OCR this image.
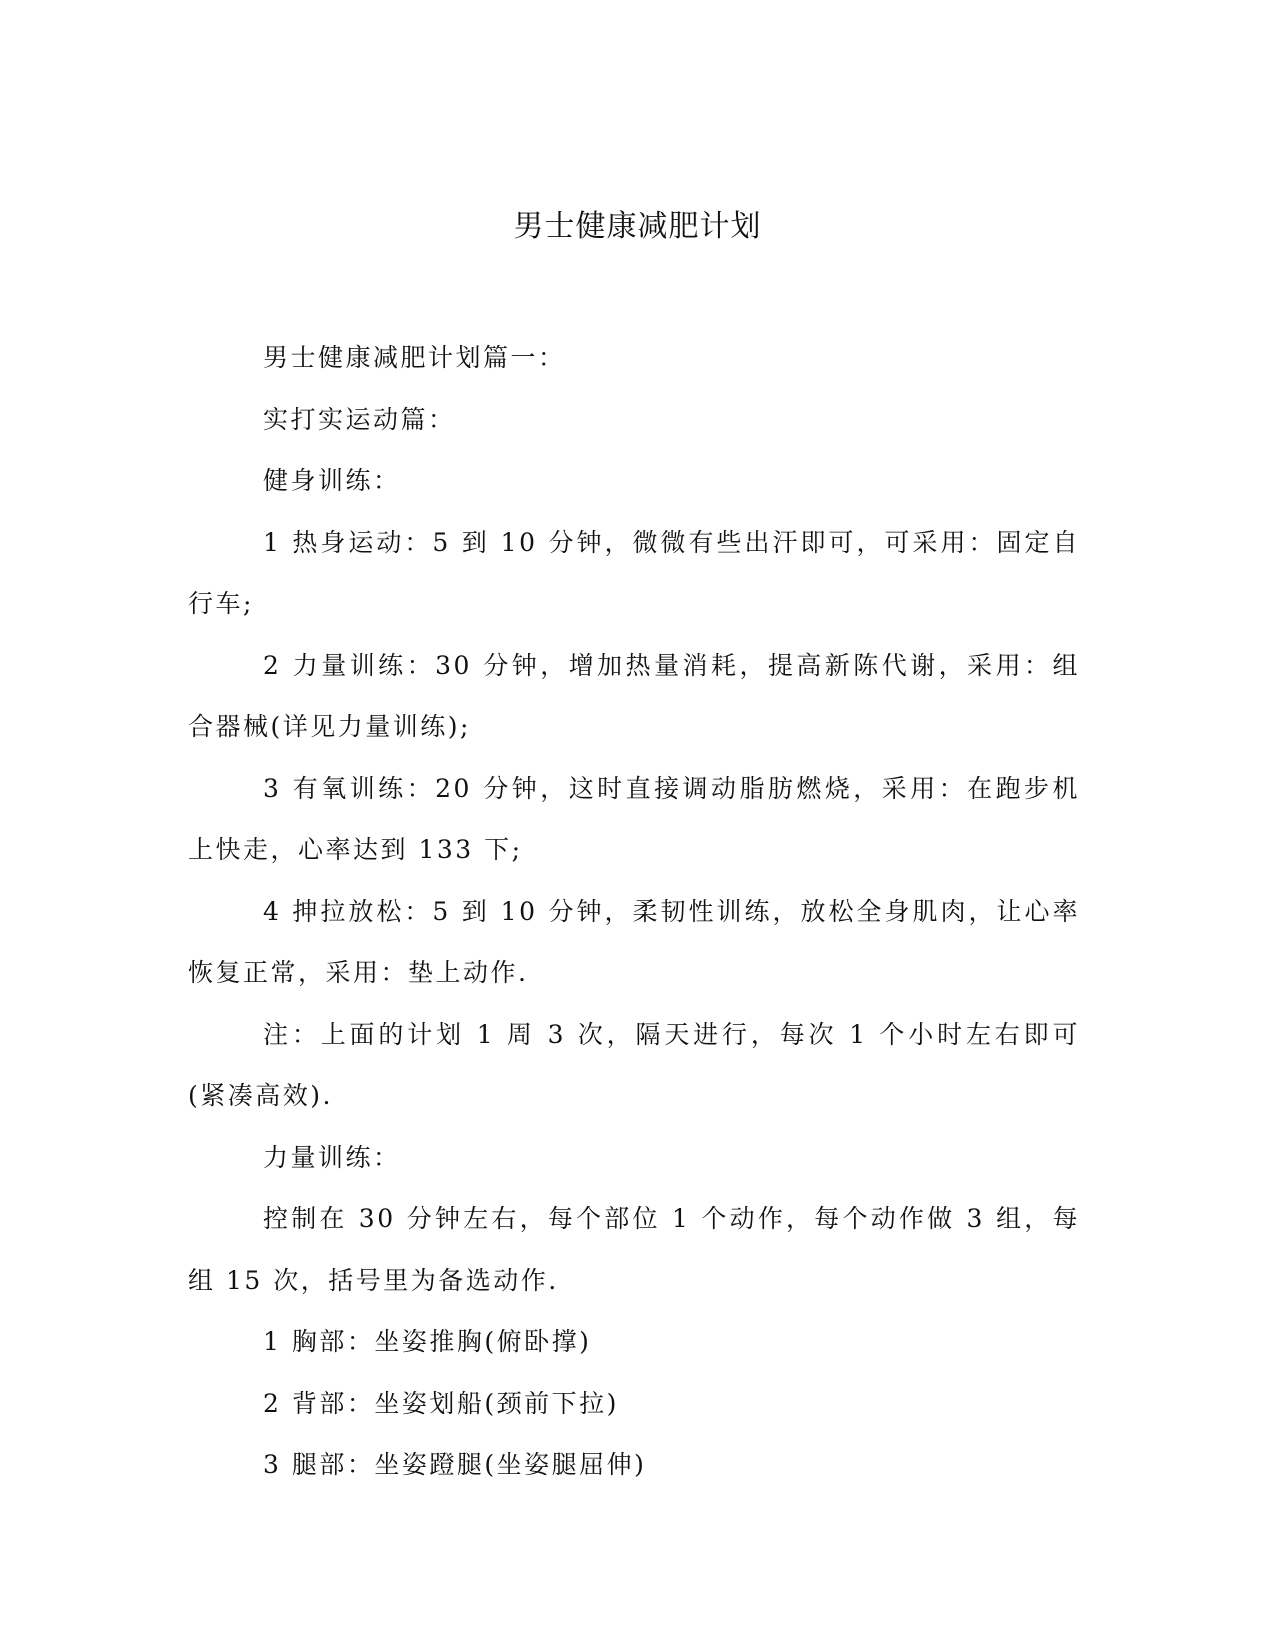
男士健康减肥计划

男士健康减肥计划篇一：

实打实运动篇：

健身训练：

1 热身运动：5 到 10 分钟，微微有些出汗即可，可采用：固定自行车;

2 力量训练：30 分钟，增加热量消耗，提高新陈代谢，采用：组合器械(详见力量训练);

3 有氧训练：20 分钟，这时直接调动脂肪燃烧，采用：在跑步机上快走，心率达到 133 下;

4 抻拉放松：5 到 10 分钟，柔韧性训练，放松全身肌肉，让心率恢复正常，采用：垫上动作.

注：上面的计划 1 周 3 次，隔天进行，每次 1 个小时左右即可(紧凑高效).

力量训练：

控制在 30 分钟左右，每个部位 1 个动作，每个动作做 3 组，每组 15 次，括号里为备选动作.

1 胸部：坐姿推胸(俯卧撑)

2 背部：坐姿划船(颈前下拉)

3 腿部：坐姿蹬腿(坐姿腿屈伸)
